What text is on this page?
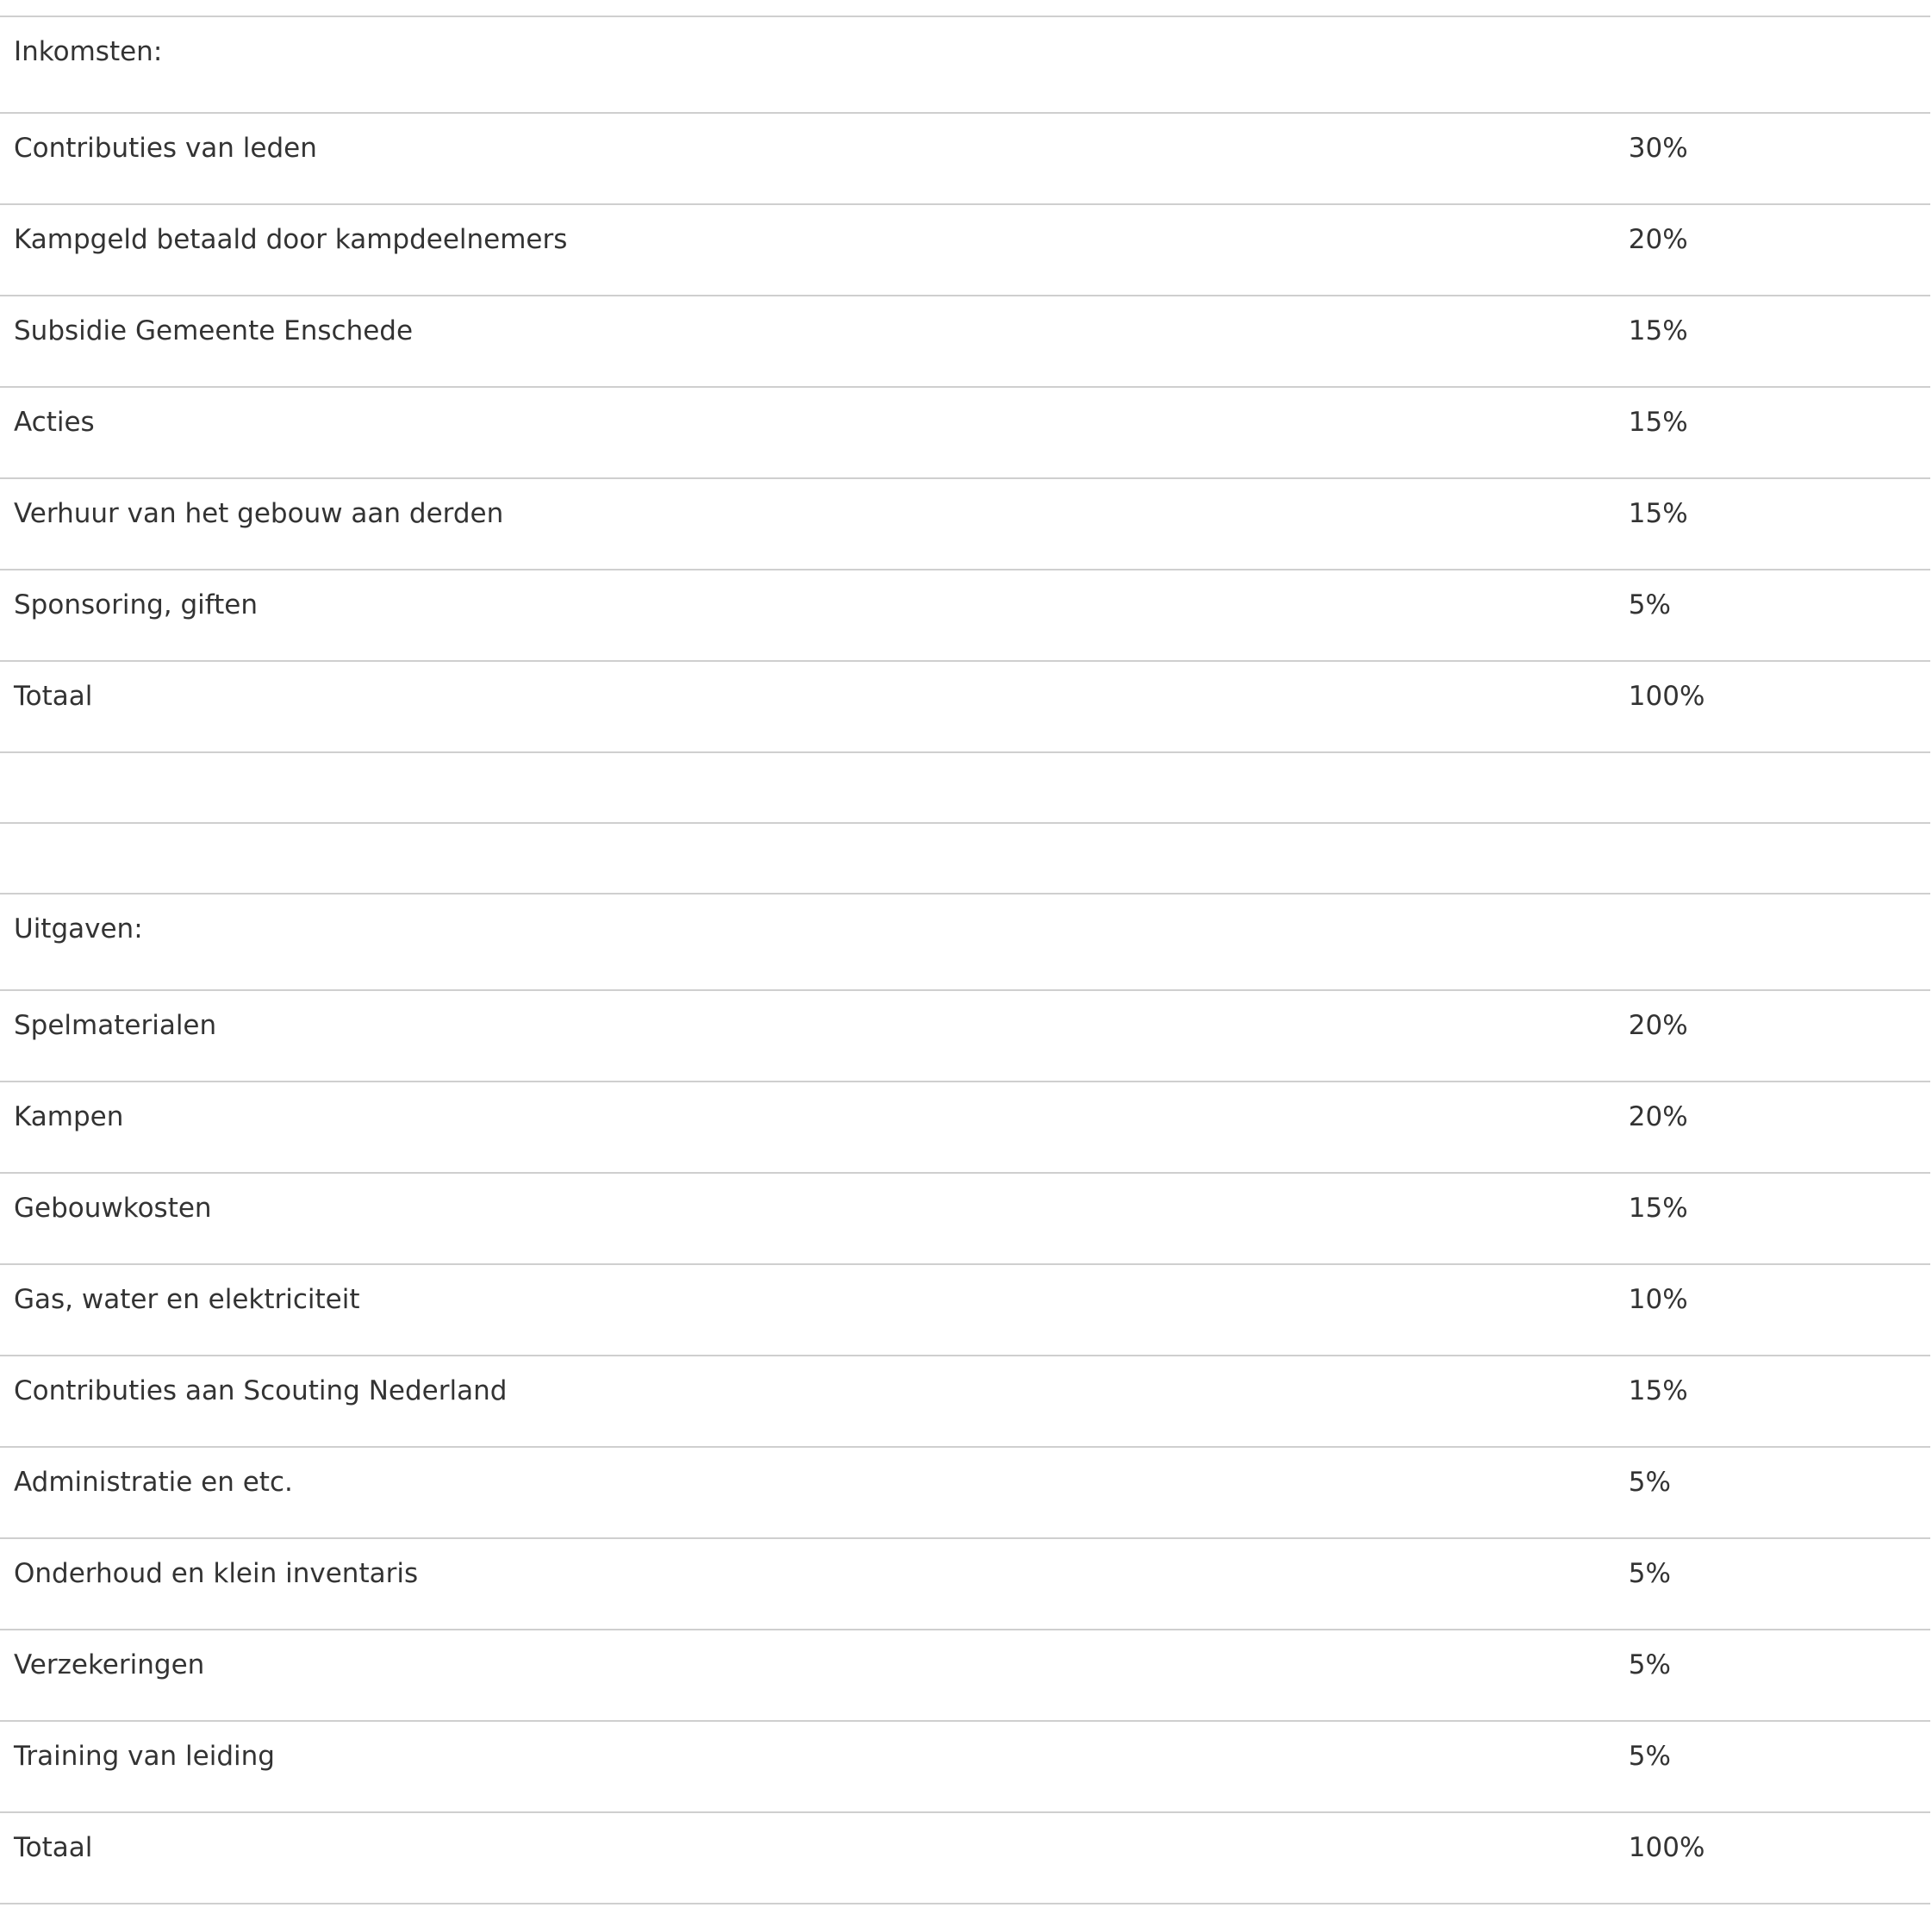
Inkomsten:	
Contributies van leden	30%
Kampgeld betaald door kampdeelnemers	20%
Subsidie Gemeente Enschede	15%
Acties	15%
Verhuur van het gebouw aan derden	15%
Sponsoring, giften	5%
Totaal	100%

Uitgaven:	
Spelmaterialen	20%
Kampen	20%
Gebouwkosten	15%
Gas, water en elektriciteit	10%
Contributies aan Scouting Nederland	15%
Administratie en etc.	5%
Onderhoud en klein inventaris	5%
Verzekeringen	5%
Training van leiding	5%
Totaal	100%
